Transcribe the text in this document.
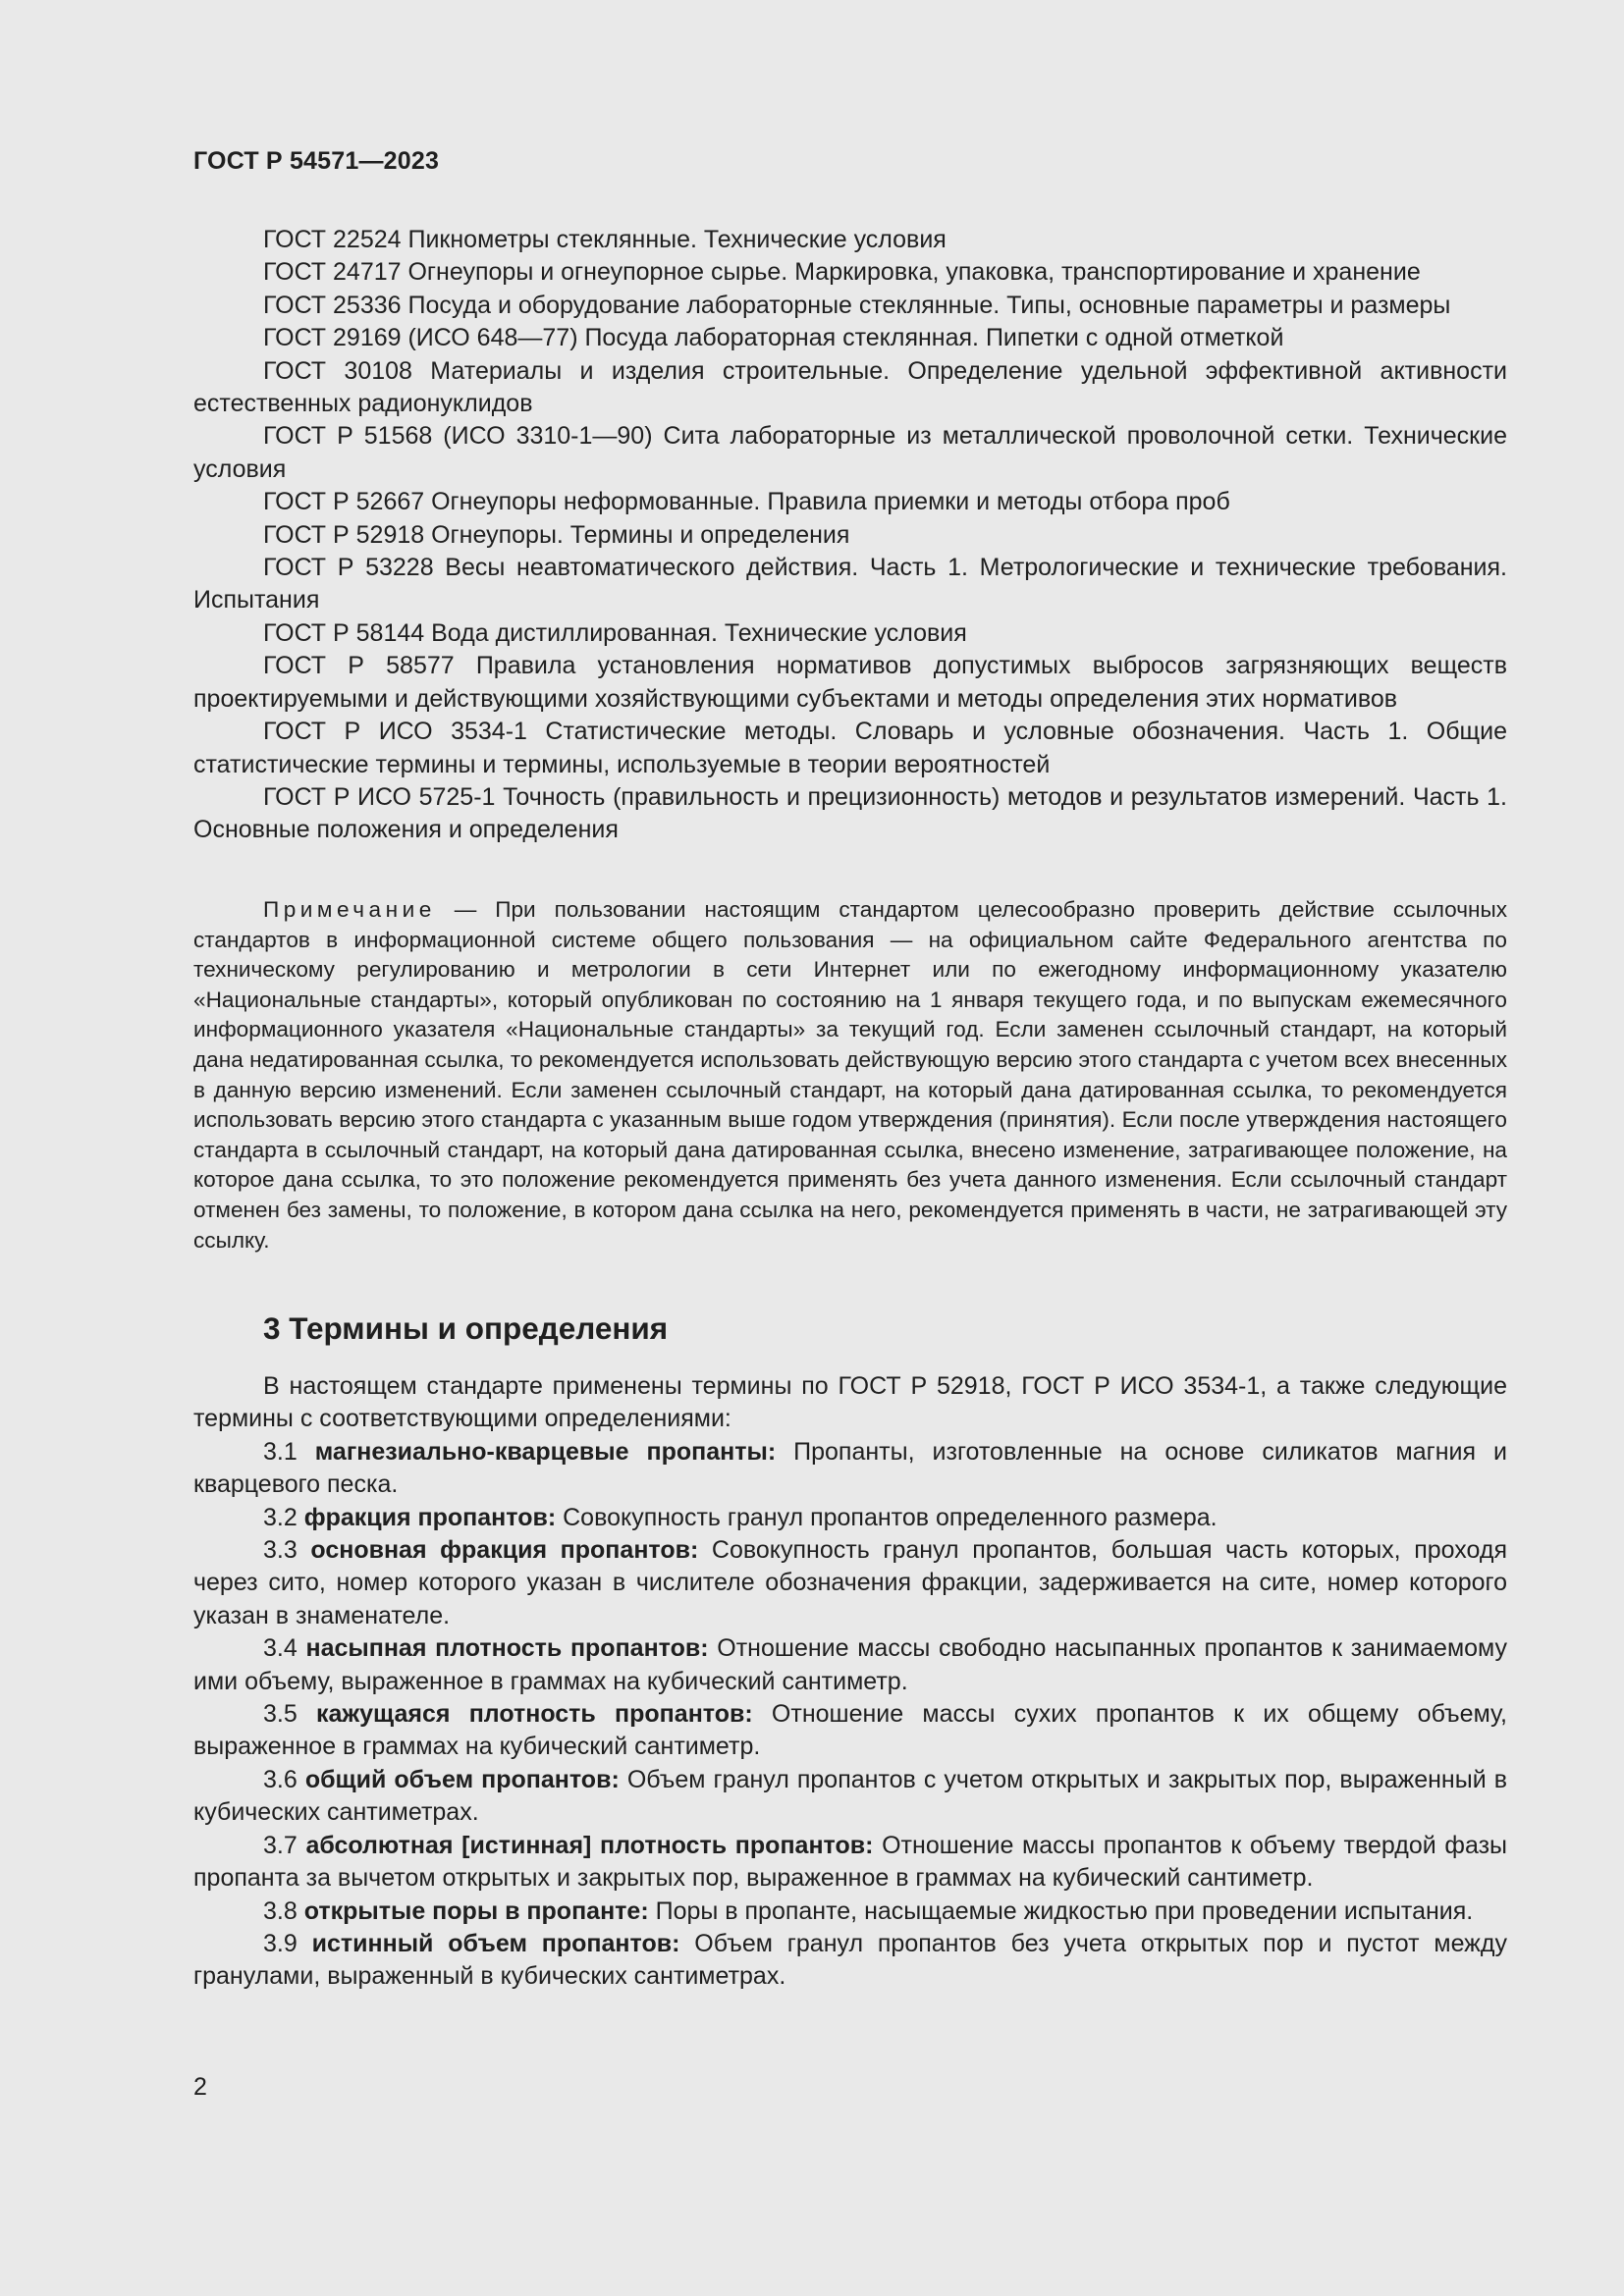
ГОСТ Р 54571—2023

ГОСТ 22524 Пикнометры стеклянные. Технические условия

ГОСТ 24717 Огнеупоры и огнеупорное сырье. Маркировка, упаковка, транспортирование и хранение

ГОСТ 25336 Посуда и оборудование лабораторные стеклянные. Типы, основные параметры и размеры

ГОСТ 29169 (ИСО 648—77) Посуда лабораторная стеклянная. Пипетки с одной отметкой

ГОСТ 30108 Материалы и изделия строительные. Определение удельной эффективной активности естественных радионуклидов

ГОСТ Р 51568 (ИСО 3310-1—90) Сита лабораторные из металлической проволочной сетки. Технические условия

ГОСТ Р 52667 Огнеупоры неформованные. Правила приемки и методы отбора проб

ГОСТ Р 52918 Огнеупоры. Термины и определения

ГОСТ Р 53228 Весы неавтоматического действия. Часть 1. Метрологические и технические требования. Испытания

ГОСТ Р 58144 Вода дистиллированная. Технические условия

ГОСТ Р 58577 Правила установления нормативов допустимых выбросов загрязняющих веществ проектируемыми и действующими хозяйствующими субъектами и методы определения этих нормативов

ГОСТ Р ИСО 3534-1 Статистические методы. Словарь и условные обозначения. Часть 1. Общие статистические термины и термины, используемые в теории вероятностей

ГОСТ Р ИСО 5725-1 Точность (правильность и прецизионность) методов и результатов измерений. Часть 1. Основные положения и определения

Примечание — При пользовании настоящим стандартом целесообразно проверить действие ссылочных стандартов в информационной системе общего пользования — на официальном сайте Федерального агентства по техническому регулированию и метрологии в сети Интернет или по ежегодному информационному указателю «Национальные стандарты», который опубликован по состоянию на 1 января текущего года, и по выпускам ежемесячного информационного указателя «Национальные стандарты» за текущий год. Если заменен ссылочный стандарт, на который дана недатированная ссылка, то рекомендуется использовать действующую версию этого стандарта с учетом всех внесенных в данную версию изменений. Если заменен ссылочный стандарт, на который дана датированная ссылка, то рекомендуется использовать версию этого стандарта с указанным выше годом утверждения (принятия). Если после утверждения настоящего стандарта в ссылочный стандарт, на который дана датированная ссылка, внесено изменение, затрагивающее положение, на которое дана ссылка, то это положение рекомендуется применять без учета данного изменения. Если ссылочный стандарт отменен без замены, то положение, в котором дана ссылка на него, рекомендуется применять в части, не затрагивающей эту ссылку.

3 Термины и определения

В настоящем стандарте применены термины по ГОСТ Р 52918, ГОСТ Р ИСО 3534-1, а также следующие термины с соответствующими определениями:

3.1 магнезиально-кварцевые пропанты: Пропанты, изготовленные на основе силикатов магния и кварцевого песка.

3.2 фракция пропантов: Совокупность гранул пропантов определенного размера.

3.3 основная фракция пропантов: Совокупность гранул пропантов, большая часть которых, проходя через сито, номер которого указан в числителе обозначения фракции, задерживается на сите, номер которого указан в знаменателе.

3.4 насыпная плотность пропантов: Отношение массы свободно насыпанных пропантов к занимаемому ими объему, выраженное в граммах на кубический сантиметр.

3.5 кажущаяся плотность пропантов: Отношение массы сухих пропантов к их общему объему, выраженное в граммах на кубический сантиметр.

3.6 общий объем пропантов: Объем гранул пропантов с учетом открытых и закрытых пор, выраженный в кубических сантиметрах.

3.7 абсолютная [истинная] плотность пропантов: Отношение массы пропантов к объему твердой фазы пропанта за вычетом открытых и закрытых пор, выраженное в граммах на кубический сантиметр.

3.8 открытые поры в пропанте: Поры в пропанте, насыщаемые жидкостью при проведении испытания.

3.9 истинный объем пропантов: Объем гранул пропантов без учета открытых пор и пустот между гранулами, выраженный в кубических сантиметрах.

2
